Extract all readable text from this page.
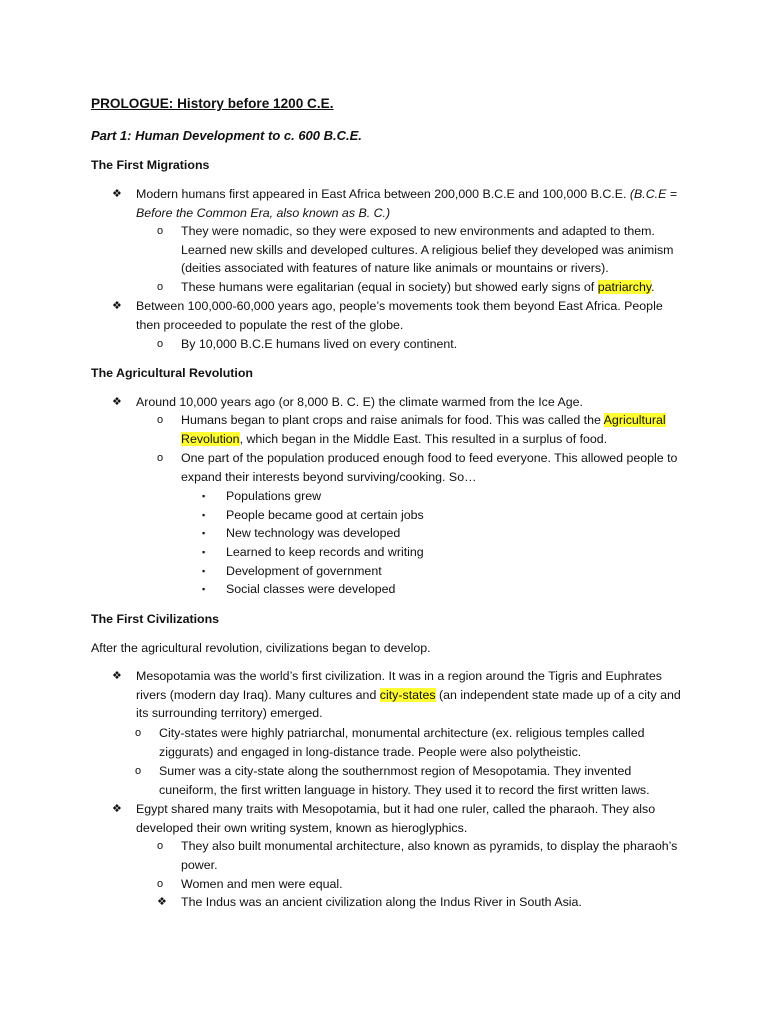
PROLOGUE: History before 1200 C.E.

Part 1: Human Development to c. 600 B.C.E.

The First Migrations

❖	Modern humans first appeared in East Africa between 200,000 B.C.E and 100,000 B.C.E. (B.C.E = Before the Common Era, also known as B. C.)
o	They were nomadic, so they were exposed to new environments and adapted to them. Learned new skills and developed cultures. A religious belief they developed was animism (deities associated with features of nature like animals or mountains or rivers).
o	These humans were egalitarian (equal in society) but showed early signs of patriarchy.
❖	Between 100,000-60,000 years ago, people’s movements took them beyond East Africa. People then proceeded to populate the rest of the globe.
o	By 10,000 B.C.E humans lived on every continent.

The Agricultural Revolution

❖	Around 10,000 years ago (or 8,000 B. C. E) the climate warmed from the Ice Age.
o	Humans began to plant crops and raise animals for food. This was called the Agricultural Revolution, which began in the Middle East. This resulted in a surplus of food.
o	One part of the population produced enough food to feed everyone. This allowed people to expand their interests beyond surviving/cooking. So…
▪	Populations grew
▪	People became good at certain jobs
▪	New technology was developed
▪	Learned to keep records and writing
▪	Development of government
▪	Social classes were developed

The First Civilizations

After the agricultural revolution, civilizations began to develop.

❖	Mesopotamia was the world’s first civilization. It was in a region around the Tigris and Euphrates rivers (modern day Iraq). Many cultures and city-states (an independent state made up of a city and its surrounding territory) emerged.
o	City-states were highly patriarchal, monumental architecture (ex. religious temples called ziggurats) and engaged in long-distance trade. People were also polytheistic.
o	Sumer was a city-state along the southernmost region of Mesopotamia. They invented cuneiform, the first written language in history. They used it to record the first written laws.
❖	Egypt shared many traits with Mesopotamia, but it had one ruler, called the pharaoh. They also developed their own writing system, known as hieroglyphics.
o	They also built monumental architecture, also known as pyramids, to display the pharaoh’s power.
o	Women and men were equal.
❖	The Indus was an ancient civilization along the Indus River in South Asia.
